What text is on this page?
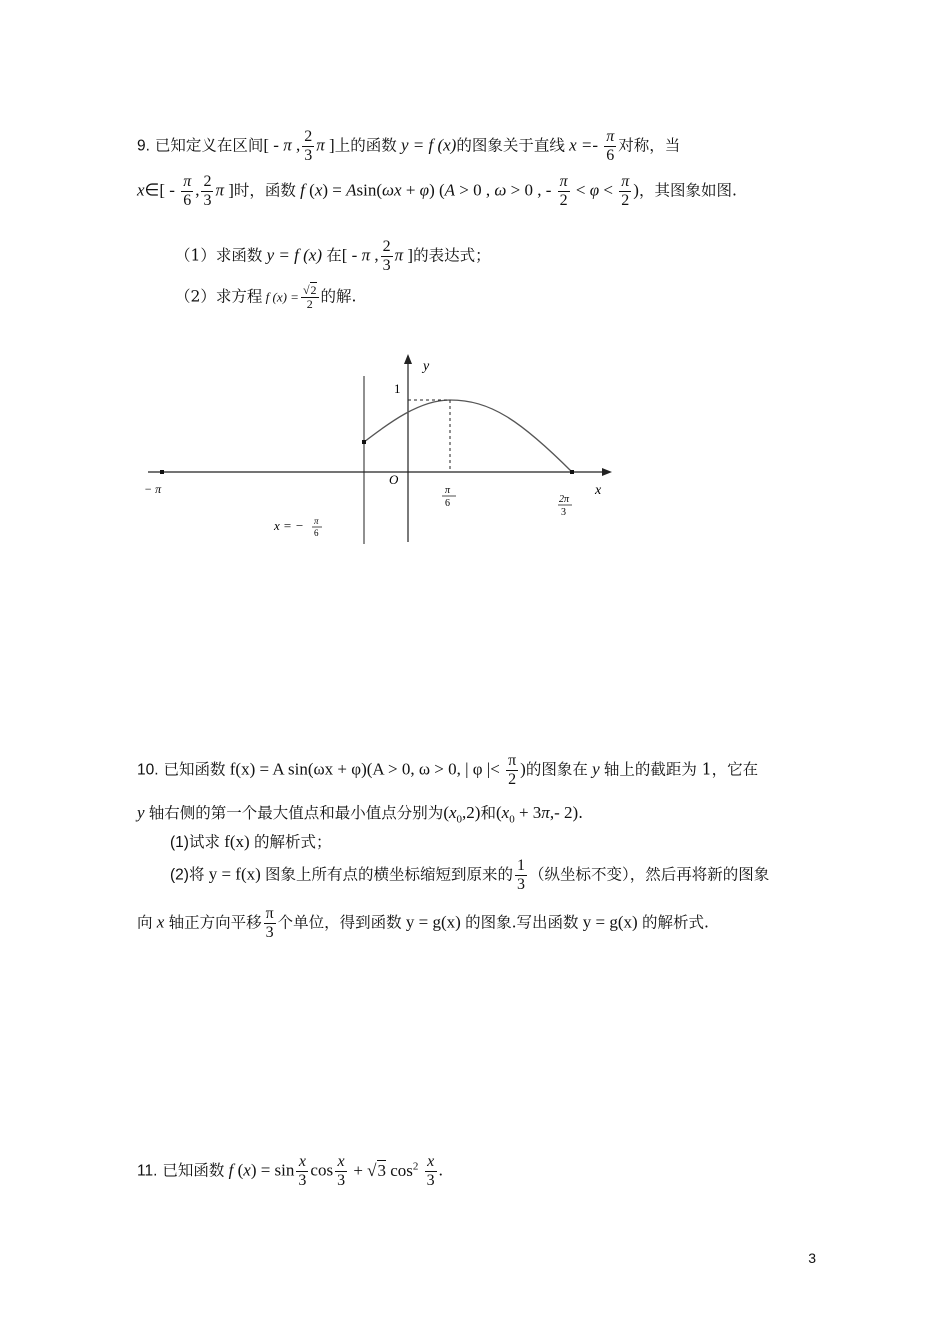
9. 已知定义在区间[ - π , $\frac{2}{3}$ π ]上的函数 y = f (x)的图象关于直线 $x =- \frac{\pi}{6}$ 对称，当
x∈[ - $\frac{\pi}{6}$ , $\frac{2}{3}$ π ]时，函数 f (x) = Asin(ωx + φ) (A > 0 , ω > 0 , - $\frac{\pi}{2} < \varphi < \frac{\pi}{2}$ )，其图象如图.
（1）求函数 y = f (x) 在[ - π , $\frac{2}{3}$ π ]的表达式；
（2）求方程 f $(x) = \frac{√2}{2}$ 的解.
y
x
1
O
− π	π
6	2π
3
x = − π
6
10. 已知函数 f(x) = A sin(ωx + φ)(A > 0, ω > 0, | φ |< $\frac{\pi}{2}$ )的图象在 y 轴上的截距为 1，它在
y 轴右侧的第一个最大值点和最小值点分别为$(x_0,2)$和($x_0 + 3\pi,-$ 2).
(1)试求 f(x) 的解析式；
(2)将 y = f(x) 图象上所有点的横坐标缩短到原来的 $\frac{1}{3}$ （纵坐标不变），然后再将新的图象
向 x 轴正方向平移 $\frac{\pi}{3}$ 个单位，得到函数 y = g(x) 的图象.写出函数 y = g(x) 的解析式.
11. 已知函数 f $(x) = \sin \frac{x}{3}$ $\cos \frac{x}{3} + √3$ $\cos^2 \frac{x}{3}$ .
3
